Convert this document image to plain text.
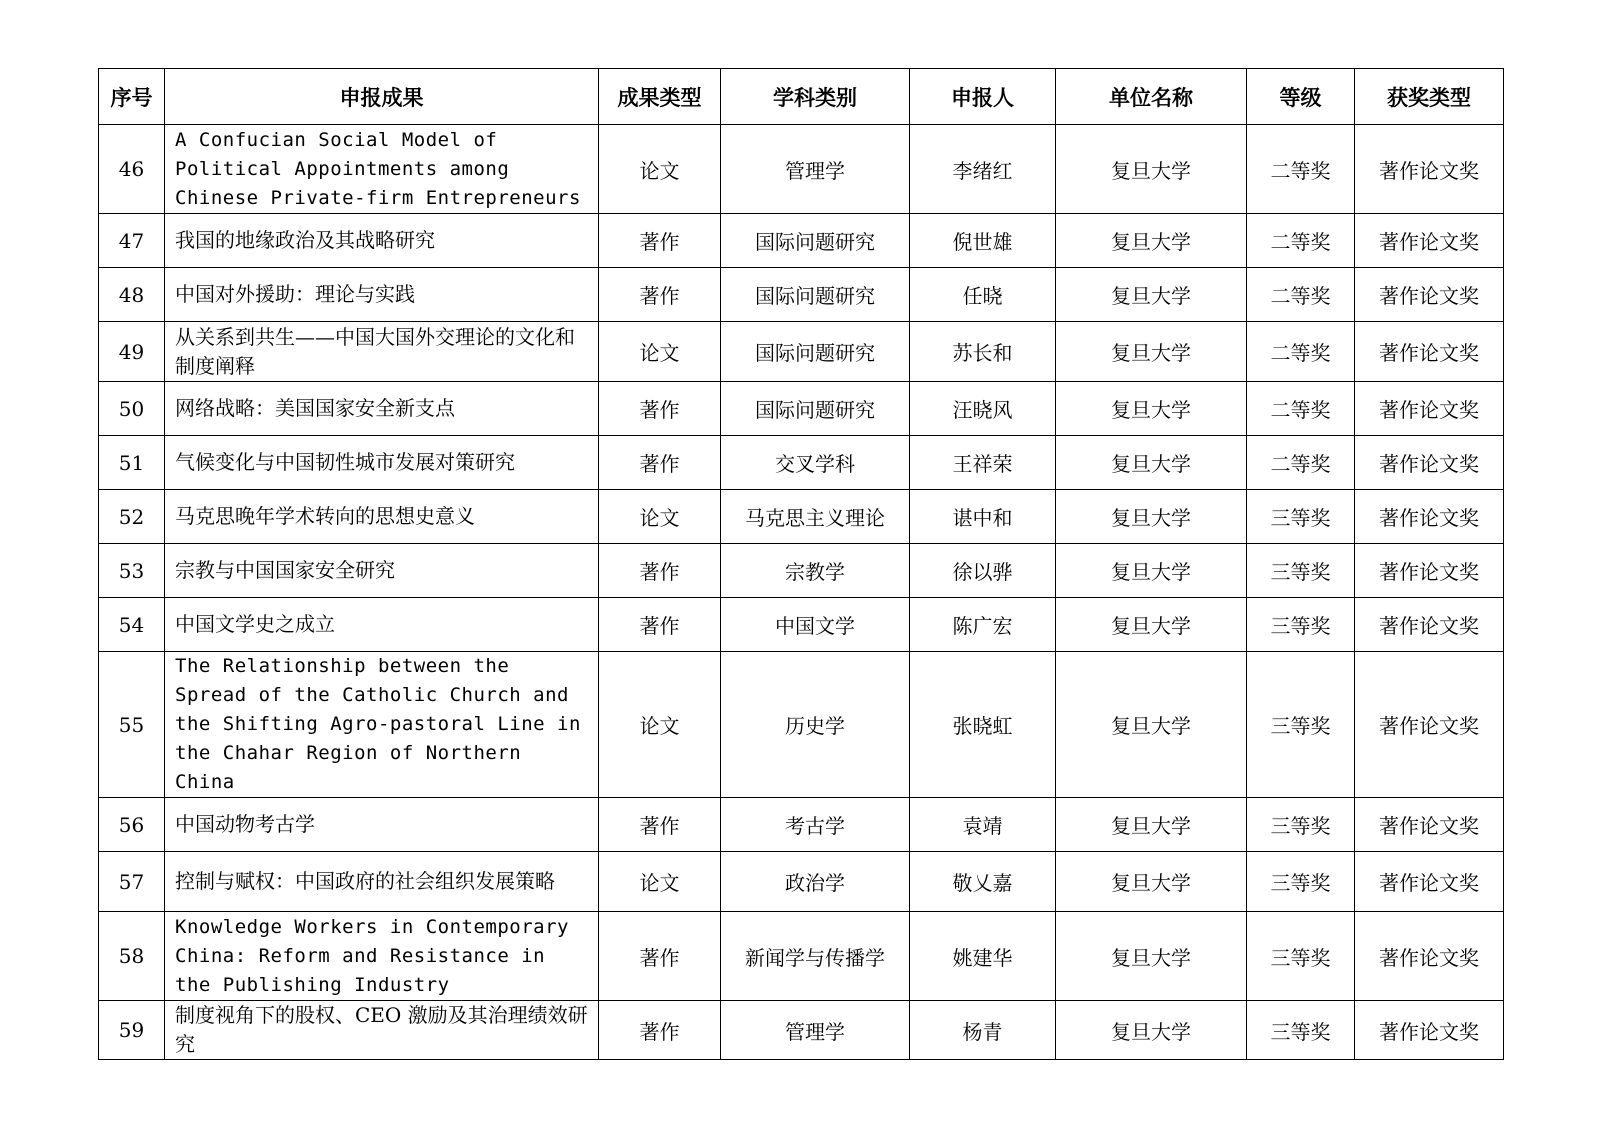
序号	申报成果	成果类型	学科类别	申报人	单位名称	等级	获奖类型
46	A Confucian Social Model of Political Appointments among Chinese Private-firm Entrepreneurs	论文	管理学	李绪红	复旦大学	二等奖	著作论文奖
47	我国的地缘政治及其战略研究	著作	国际问题研究	倪世雄	复旦大学	二等奖	著作论文奖
48	中国对外援助：理论与实践	著作	国际问题研究	任晓	复旦大学	二等奖	著作论文奖
49	从关系到共生——中国大国外交理论的文化和制度阐释	论文	国际问题研究	苏长和	复旦大学	二等奖	著作论文奖
50	网络战略：美国国家安全新支点	著作	国际问题研究	汪晓风	复旦大学	二等奖	著作论文奖
51	气候变化与中国韧性城市发展对策研究	著作	交叉学科	王祥荣	复旦大学	二等奖	著作论文奖
52	马克思晚年学术转向的思想史意义	论文	马克思主义理论	谌中和	复旦大学	三等奖	著作论文奖
53	宗教与中国国家安全研究	著作	宗教学	徐以骅	复旦大学	三等奖	著作论文奖
54	中国文学史之成立	著作	中国文学	陈广宏	复旦大学	三等奖	著作论文奖
55	The Relationship between the Spread of the Catholic Church and the Shifting Agro-pastoral Line in the Chahar Region of Northern China	论文	历史学	张晓虹	复旦大学	三等奖	著作论文奖
56	中国动物考古学	著作	考古学	袁靖	复旦大学	三等奖	著作论文奖
57	控制与赋权：中国政府的社会组织发展策略	论文	政治学	敬乂嘉	复旦大学	三等奖	著作论文奖
58	Knowledge Workers in Contemporary China: Reform and Resistance in the Publishing Industry	著作	新闻学与传播学	姚建华	复旦大学	三等奖	著作论文奖
59	制度视角下的股权、CEO 激励及其治理绩效研究	著作	管理学	杨青	复旦大学	三等奖	著作论文奖
